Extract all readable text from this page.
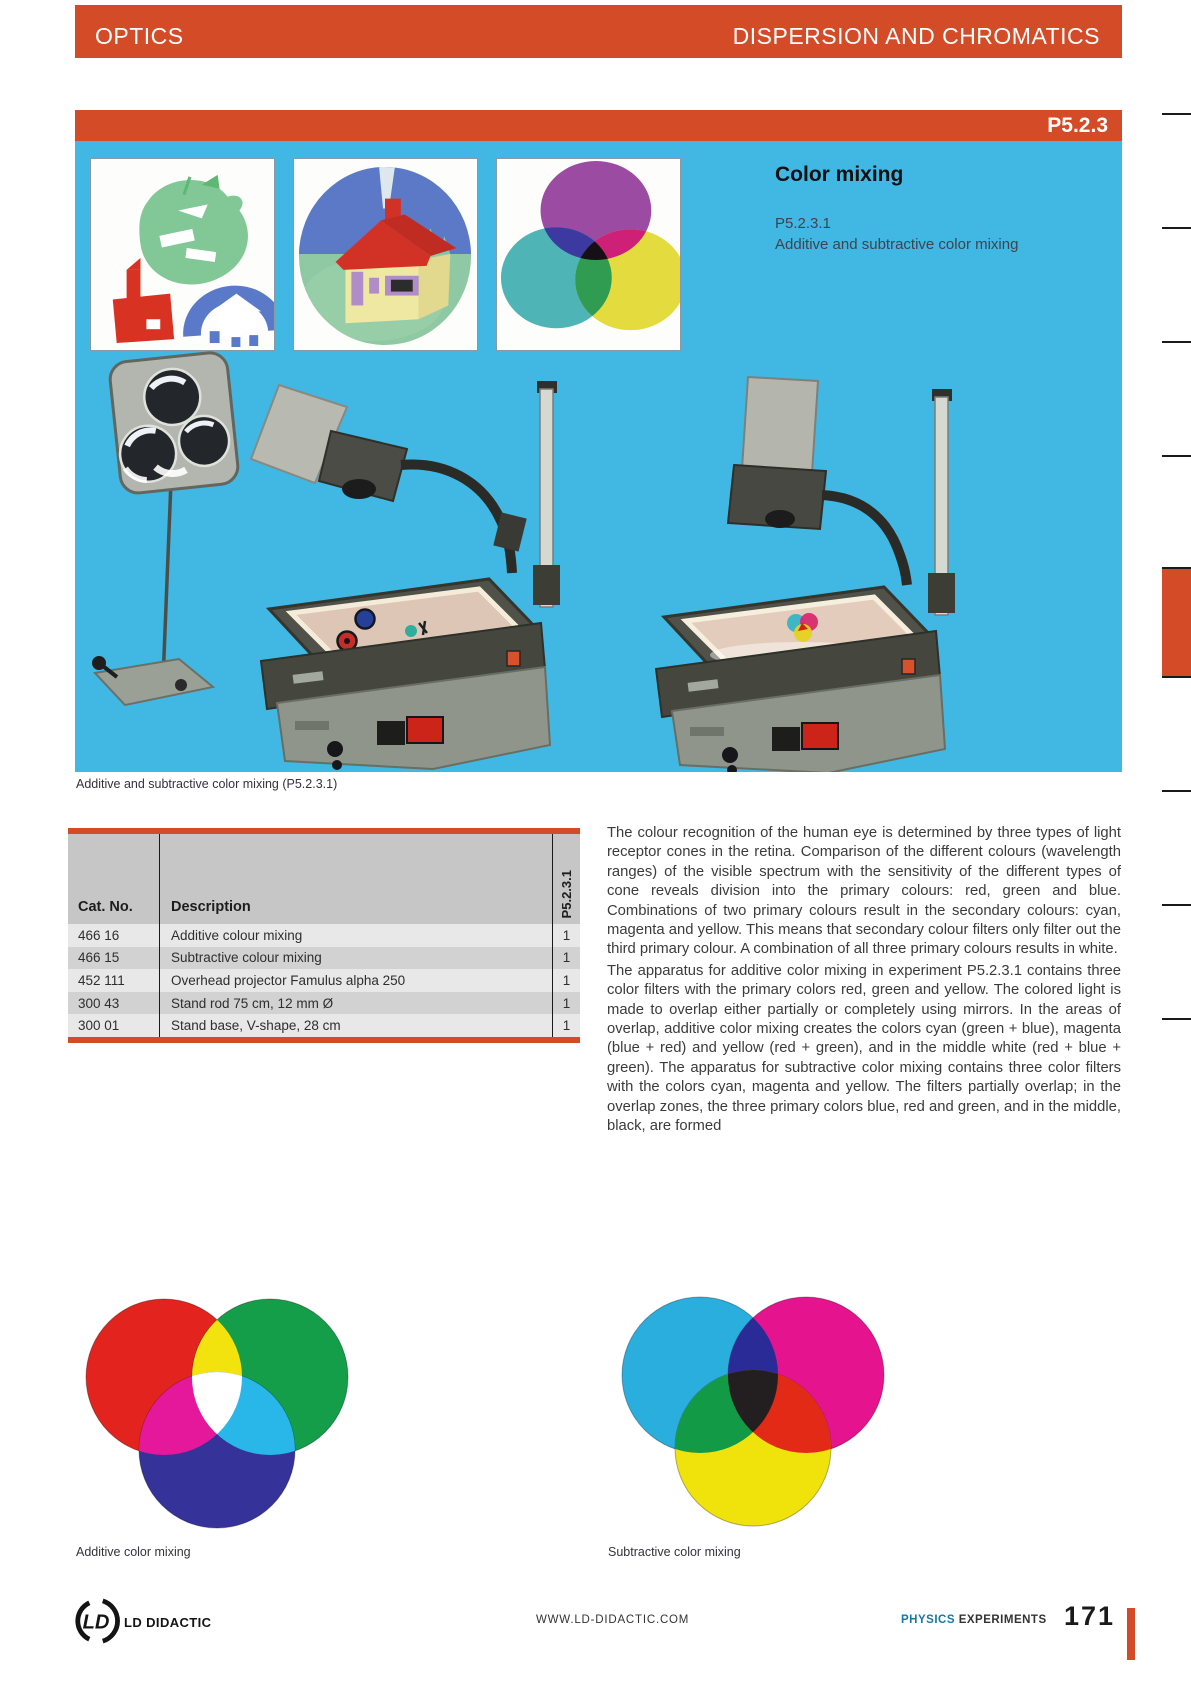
OPTICS	DISPERSION AND CHROMATICS
P5.2.3
Color mixing
P5.2.3.1
Additive and subtractive color mixing
Additive and subtractive color mixing (P5.2.3.1)
Cat. No.	Description	P5.2.3.1
466 16	Additive colour mixing	1
466 15	Subtractive colour mixing	1
452 111	Overhead projector Famulus alpha 250	1
300 43	Stand rod 75 cm, 12 mm Ø	1
300 01	Stand base, V-shape, 28 cm	1

The colour recognition of the human eye is determined by three types of light receptor cones in the retina. Comparison of the different colours (wavelength ranges) of the visible spectrum with the sensitivity of the different types of cone reveals division into the primary colours: red, green and blue. Combinations of two primary colours result in the secondary colours: cyan, magenta and yellow. This means that secondary colour filters only filter out the third primary colour. A combination of all three primary colours results in white.

The apparatus for additive color mixing in experiment P5.2.3.1 contains three color filters with the primary colors red, green and yellow. The colored light is made to overlap either partially or completely using mirrors. In the areas of overlap, additive color mixing creates the colors cyan (green + blue), magenta (blue + red) and yellow (red + green), and in the middle white (red + blue + green). The apparatus for subtractive color mixing contains three color filters with the colors cyan, magenta and yellow. The filters partially overlap; in the overlap zones, the three primary colors blue, red and green, and in the middle, black, are formed

Additive color mixing	Subtractive color mixing
LD LD DIDACTIC	WWW.LD-DIDACTIC.COM	PHYSICS EXPERIMENTS 171
